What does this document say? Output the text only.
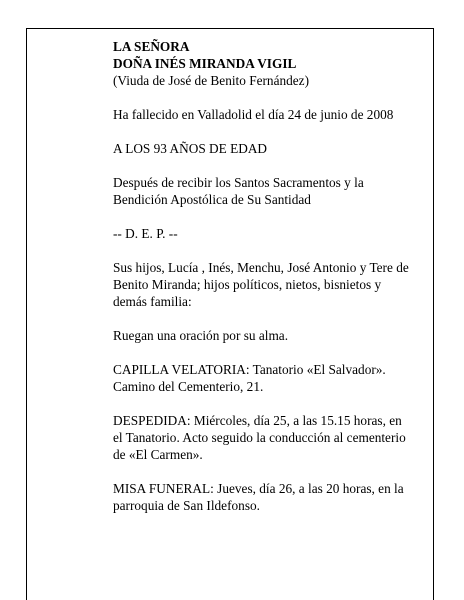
LA SEÑORA
DOÑA INÉS MIRANDA VIGIL
(Viuda de José de Benito Fernández)
Ha fallecido en Valladolid el día 24 de junio de 2008
A LOS 93 AÑOS DE EDAD
Después de recibir los Santos Sacramentos y la
Bendición Apostólica de Su Santidad
-- D. E. P. --
Sus hijos, Lucía , Inés, Menchu, José Antonio y Tere de
Benito Miranda; hijos políticos, nietos, bisnietos y
demás familia:
Ruegan una oración por su alma.
CAPILLA VELATORIA: Tanatorio «El Salvador».
Camino del Cementerio, 21.
DESPEDIDA: Miércoles, día 25, a las 15.15 horas, en
el Tanatorio. Acto seguido la conducción al cementerio
de «El Carmen».
MISA FUNERAL: Jueves, día 26, a las 20 horas, en la
parroquia de San Ildefonso.
